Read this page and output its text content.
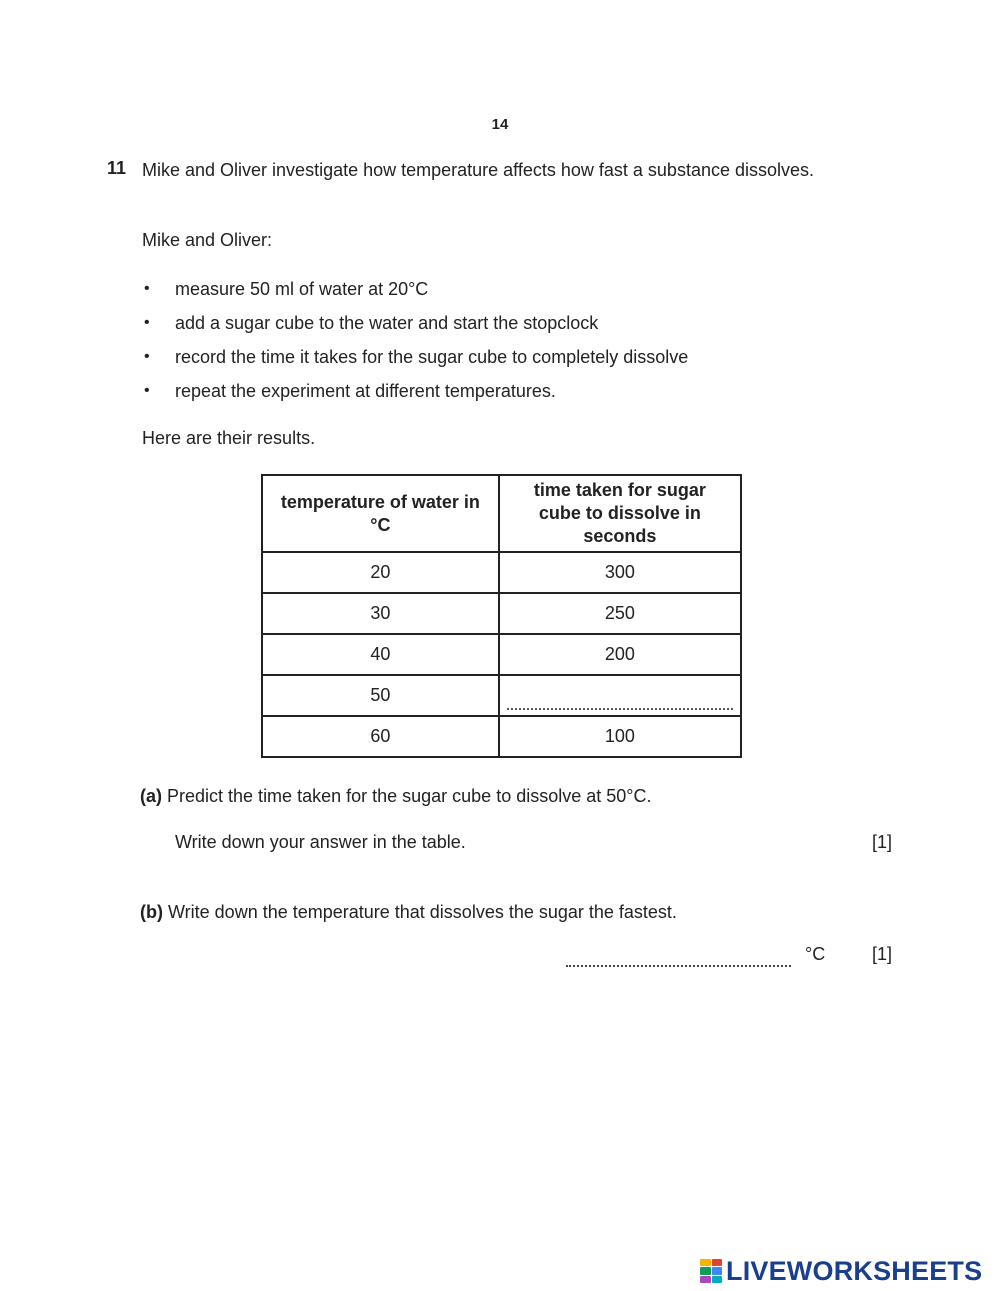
14
11 Mike and Oliver investigate how temperature affects how fast a substance dissolves.
Mike and Oliver:
• measure 50 ml of water at 20°C
• add a sugar cube to the water and start the stopclock
• record the time it takes for the sugar cube to completely dissolve
• repeat the experiment at different temperatures.
Here are their results.
temperature of water in °C	time taken for sugar cube to dissolve in seconds

20	300
30	250
40	200
50	
60	100
(a) Predict the time taken for the sugar cube to dissolve at 50°C.
Write down your answer in the table.	[1]
(b) Write down the temperature that dissolves the sugar the fastest.
°C	[1]
LIVEWORKSHEETS
